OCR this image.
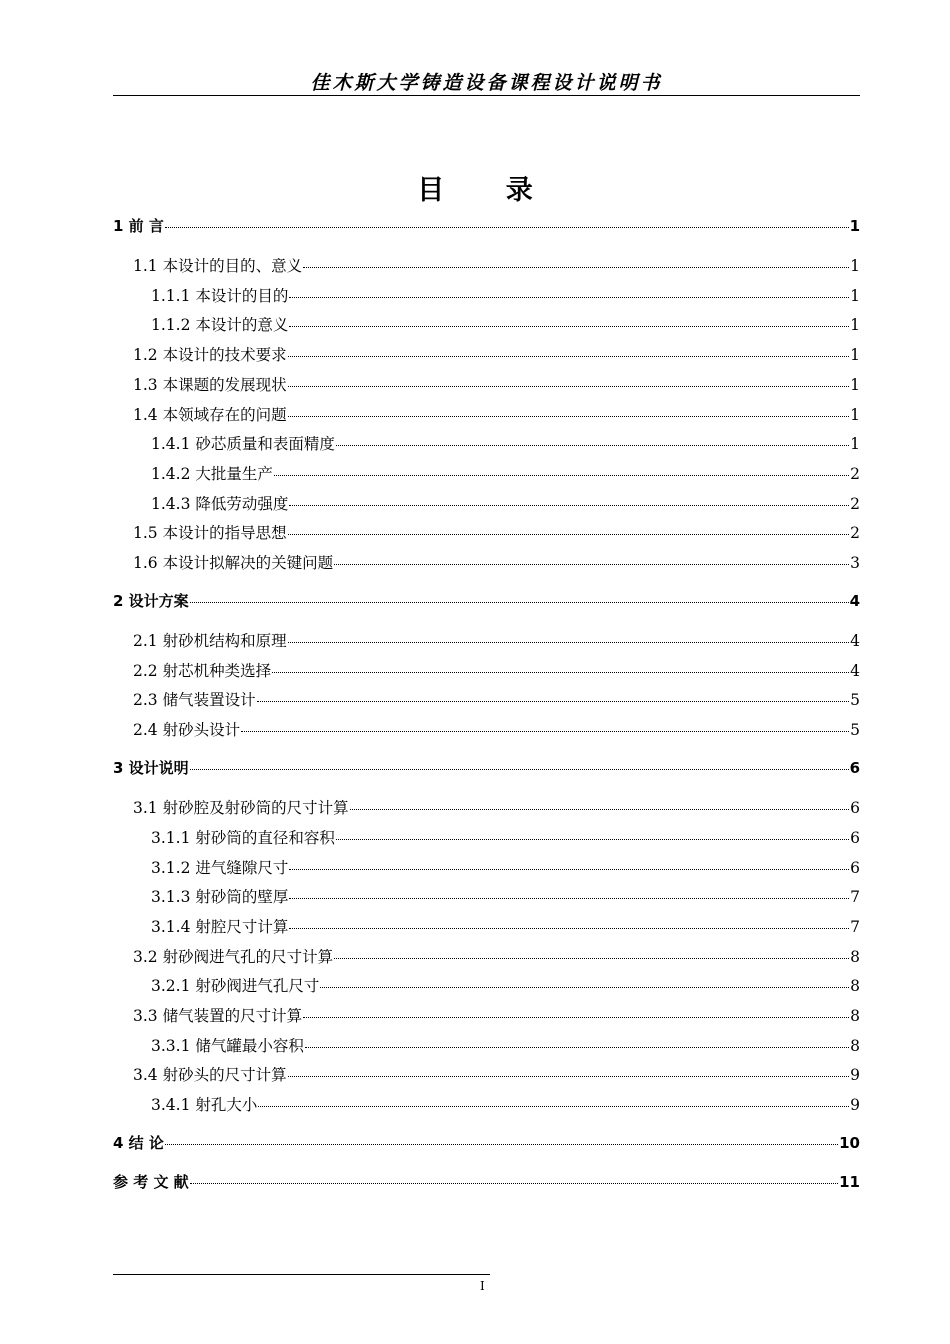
佳木斯大学铸造设备课程设计说明书
目 录
1 前 言	1
1.1 本设计的目的、意义	1
1.1.1 本设计的目的	1
1.1.2 本设计的意义	1
1.2 本设计的技术要求	1
1.3 本课题的发展现状	1
1.4 本领域存在的问题	1
1.4.1 砂芯质量和表面精度	1
1.4.2 大批量生产	2
1.4.3 降低劳动强度	2
1.5 本设计的指导思想	2
1.6 本设计拟解决的关键问题	3
2 设计方案	4
2.1 射砂机结构和原理	4
2.2 射芯机种类选择	4
2.3 储气装置设计	5
2.4 射砂头设计	5
3 设计说明	6
3.1 射砂腔及射砂筒的尺寸计算	6
3.1.1 射砂筒的直径和容积	6
3.1.2 进气缝隙尺寸	6
3.1.3 射砂筒的壁厚	7
3.1.4 射腔尺寸计算	7
3.2 射砂阀进气孔的尺寸计算	8
3.2.1 射砂阀进气孔尺寸	8
3.3 储气装置的尺寸计算	8
3.3.1 储气罐最小容积	8
3.4 射砂头的尺寸计算	9
3.4.1 射孔大小	9
4 结 论	10
参 考 文 献	11
I
